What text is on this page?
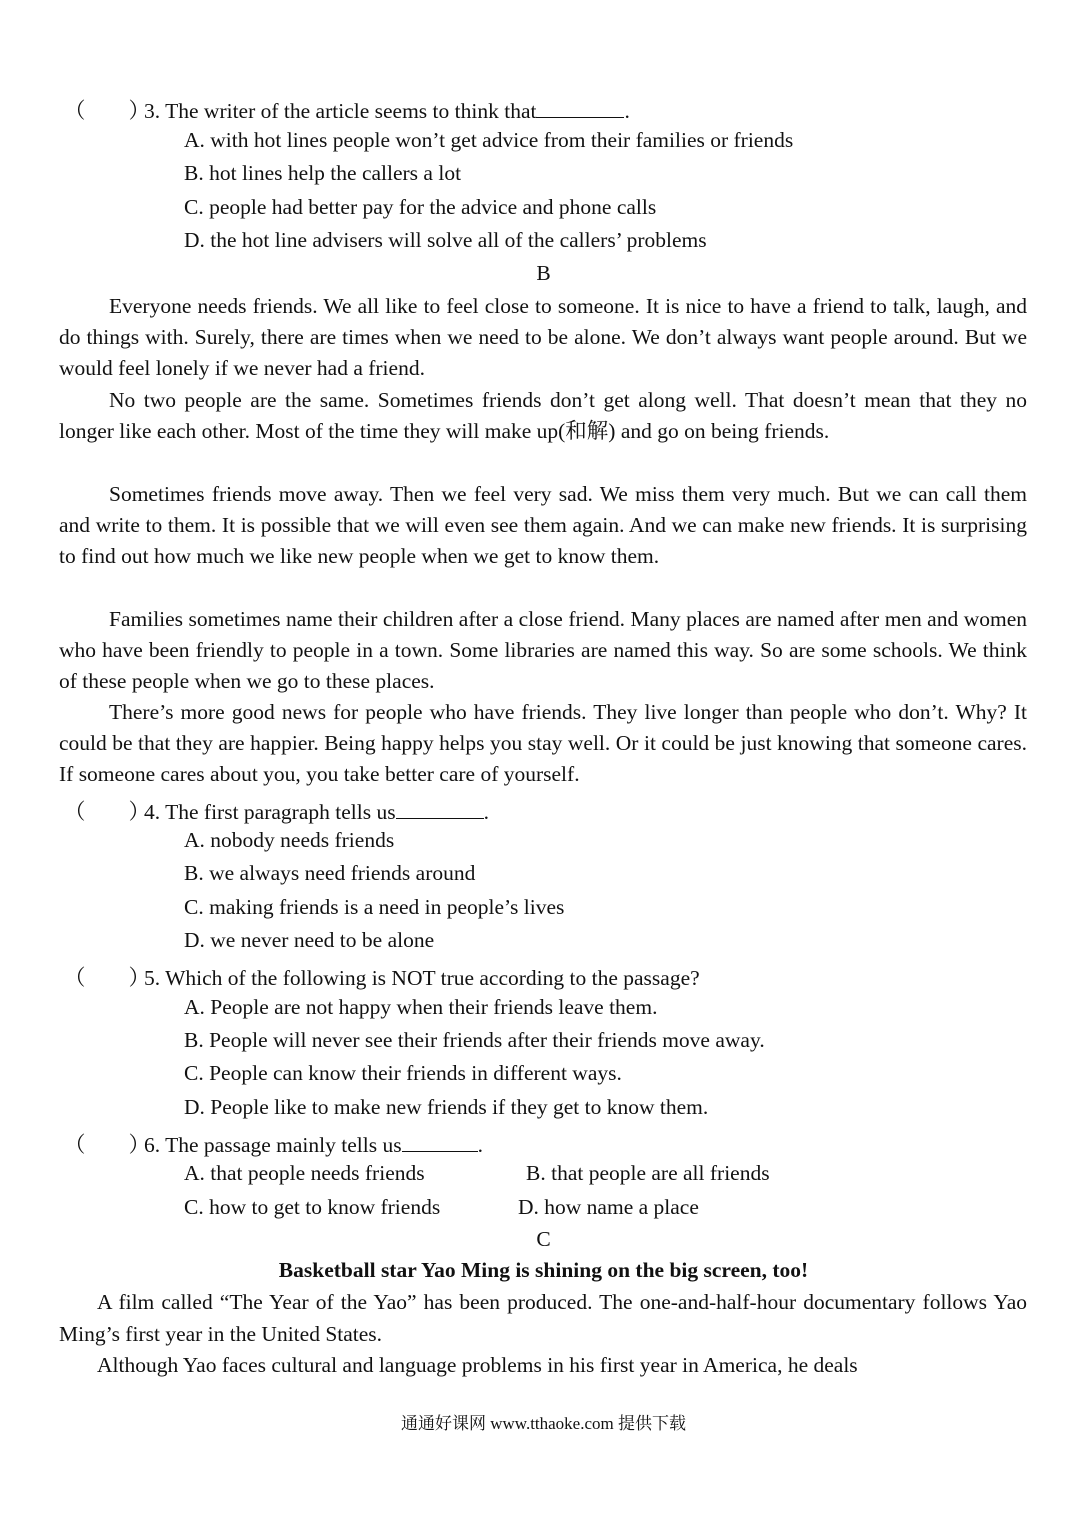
（　　）3. The writer of the article seems to think that	.
A. with hot lines people won’t get advice from their families or friends
B. hot lines help the callers a lot
C. people had better pay for the advice and phone calls
D. the hot line advisers will solve all of the callers’ problems
B

Everyone needs friends. We all like to feel close to someone. It is nice to have a friend to talk, laugh, and do things with. Surely, there are times when we need to be alone. We don’t always want people around. But we would feel lonely if we never had a friend.

No two people are the same. Sometimes friends don’t get along well. That doesn’t mean that they no longer like each other. Most of the time they will make up(和解) and go on being friends.

Sometimes friends move away. Then we feel very sad. We miss them very much. But we can call them and write to them. It is possible that we will even see them again. And we can make new friends. It is surprising to find out how much we like new people when we get to know them.

Families sometimes name their children after a close friend. Many places are named after men and women who have been friendly to people in a town. Some libraries are named this way. So are some schools. We think of these people when we go to these places.

There’s more good news for people who have friends. They live longer than people who don’t. Why? It could be that they are happier. Being happy helps you stay well. Or it could be just knowing that someone cares. If someone cares about you, you take better care of yourself.

（　　）4. The first paragraph tells us	.
A. nobody needs friends
B. we always need friends around
C. making friends is a need in people’s lives
D. we never need to be alone
（　　）5. Which of the following is NOT true according to the passage?
A. People are not happy when their friends leave them.
B. People will never see their friends after their friends move away.
C. People can know their friends in different ways.
D. People like to make new friends if they get to know them.
（　　）6. The passage mainly tells us	.
A. that people needs friends	B. that people are all friends
C. how to get to know friends	D. how name a place
C
Basketball star Yao Ming is shining on the big screen, too!

A film called “The Year of the Yao” has been produced. The one-and-half-hour documentary follows Yao Ming’s first year in the United States.

Although Yao faces cultural and language problems in his first year in America, he deals

通通好课网 www.tthaoke.com 提供下载
